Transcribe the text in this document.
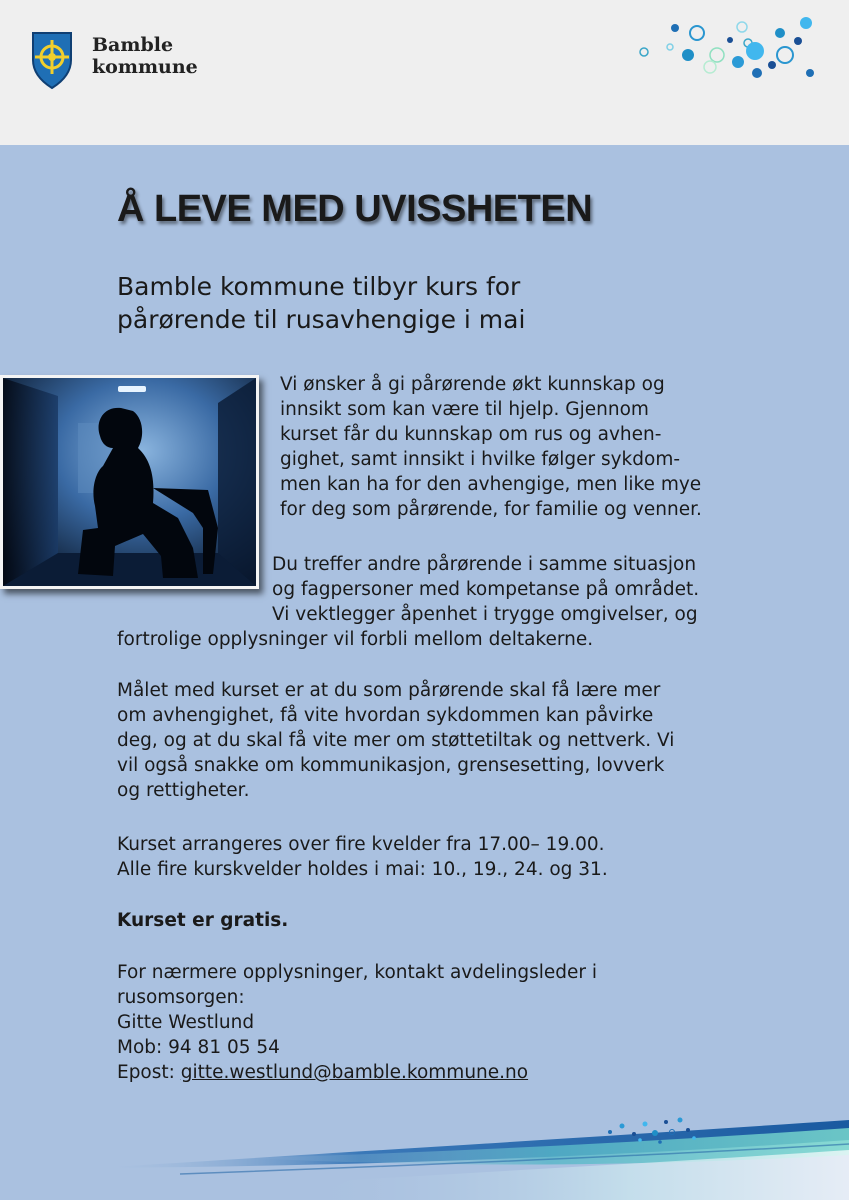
Bamble
kommune
Å LEVE MED UVISSHETEN
Bamble kommune tilbyr kurs for
pårørende til rusavhengige i mai

Vi ønsker å gi pårørende økt kunnskap og
innsikt som kan være til hjelp. Gjennom
kurset får du kunnskap om rus og avhen-
gighet, samt innsikt i hvilke følger sykdom-
men kan ha for den avhengige, men like mye
for deg som pårørende, for familie og venner.

Du treffer andre pårørende i samme situasjon
og fagpersoner med kompetanse på området.
Vi vektlegger åpenhet i trygge omgivelser, og
fortrolige opplysninger vil forbli mellom deltakerne.

Målet med kurset er at du som pårørende skal få lære mer
om avhengighet, få vite hvordan sykdommen kan påvirke
deg, og at du skal få vite mer om støttetiltak og nettverk. Vi
vil også snakke om kommunikasjon, grensesetting, lovverk
og rettigheter.

Kurset arrangeres over fire kvelder fra 17.00– 19.00.
Alle fire kurskvelder holdes i mai: 10., 19., 24. og 31.

Kurset er gratis.

For nærmere opplysninger, kontakt avdelingsleder i
rusomsorgen:
Gitte Westlund
Mob: 94 81 05 54
Epost: gitte.westlund@bamble.kommune.no
